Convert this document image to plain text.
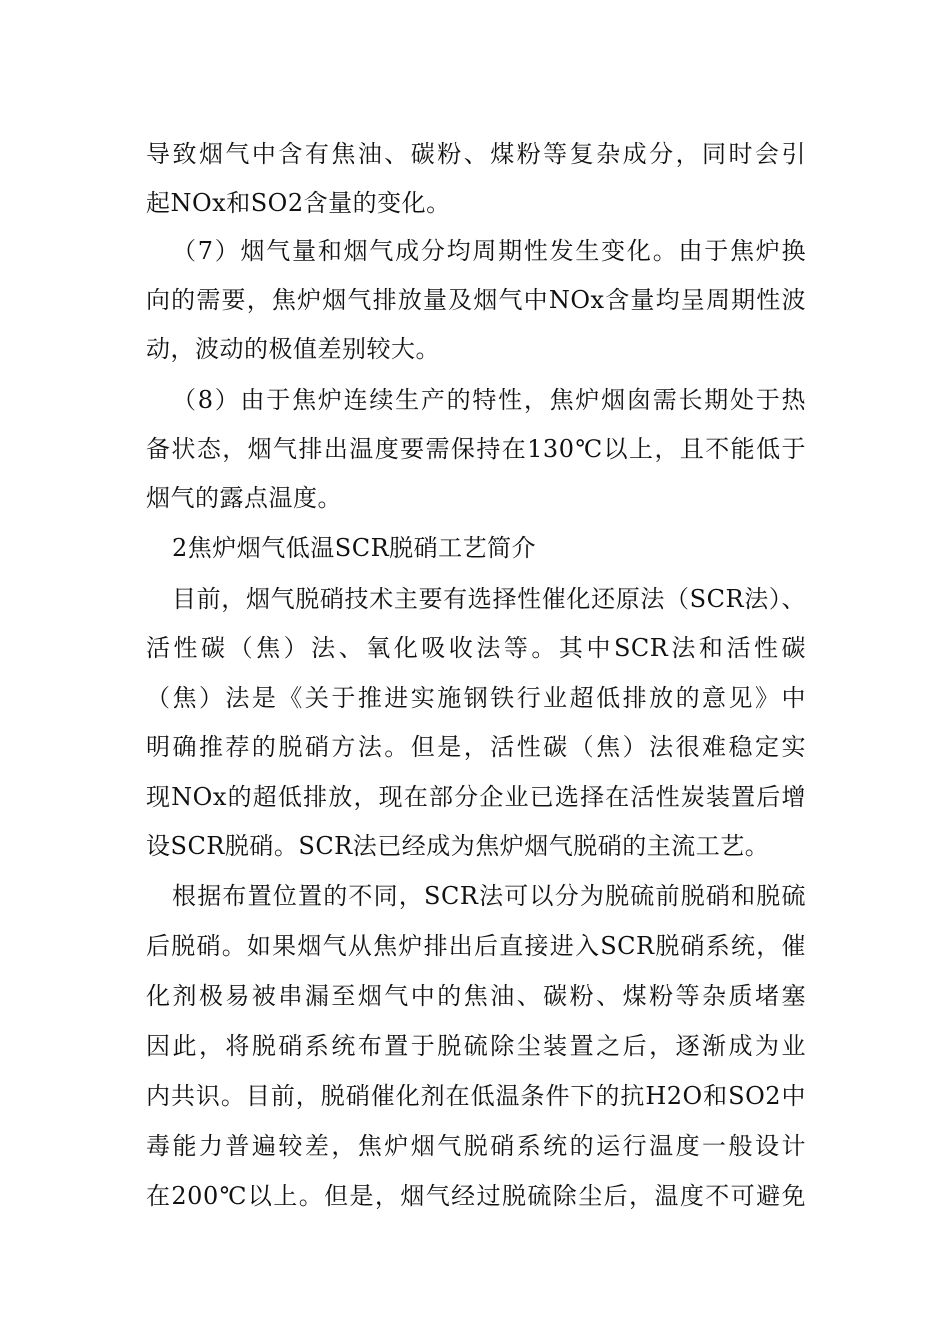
导致烟气中含有焦油、碳粉、煤粉等复杂成分，同时会引
起NOx和SO2含量的变化。
（7）烟气量和烟气成分均周期性发生变化。由于焦炉换
向的需要，焦炉烟气排放量及烟气中NOx含量均呈周期性波
动，波动的极值差别较大。
（8）由于焦炉连续生产的特性，焦炉烟囱需长期处于热
备状态，烟气排出温度要需保持在130℃以上，且不能低于
烟气的露点温度。
2焦炉烟气低温SCR脱硝工艺简介
目前，烟气脱硝技术主要有选择性催化还原法（SCR法）、
活性碳（焦）法、氧化吸收法等。其中SCR法和活性碳
（焦）法是《关于推进实施钢铁行业超低排放的意见》中
明确推荐的脱硝方法。但是，活性碳（焦）法很难稳定实
现NOx的超低排放，现在部分企业已选择在活性炭装置后增
设SCR脱硝。SCR法已经成为焦炉烟气脱硝的主流工艺。
根据布置位置的不同，SCR法可以分为脱硫前脱硝和脱硫
后脱硝。如果烟气从焦炉排出后直接进入SCR脱硝系统，催
化剂极易被串漏至烟气中的焦油、碳粉、煤粉等杂质堵塞
因此，将脱硝系统布置于脱硫除尘装置之后，逐渐成为业
内共识。目前，脱硝催化剂在低温条件下的抗H2O和SO2中
毒能力普遍较差，焦炉烟气脱硝系统的运行温度一般设计
在200℃以上。但是，烟气经过脱硫除尘后，温度不可避免
